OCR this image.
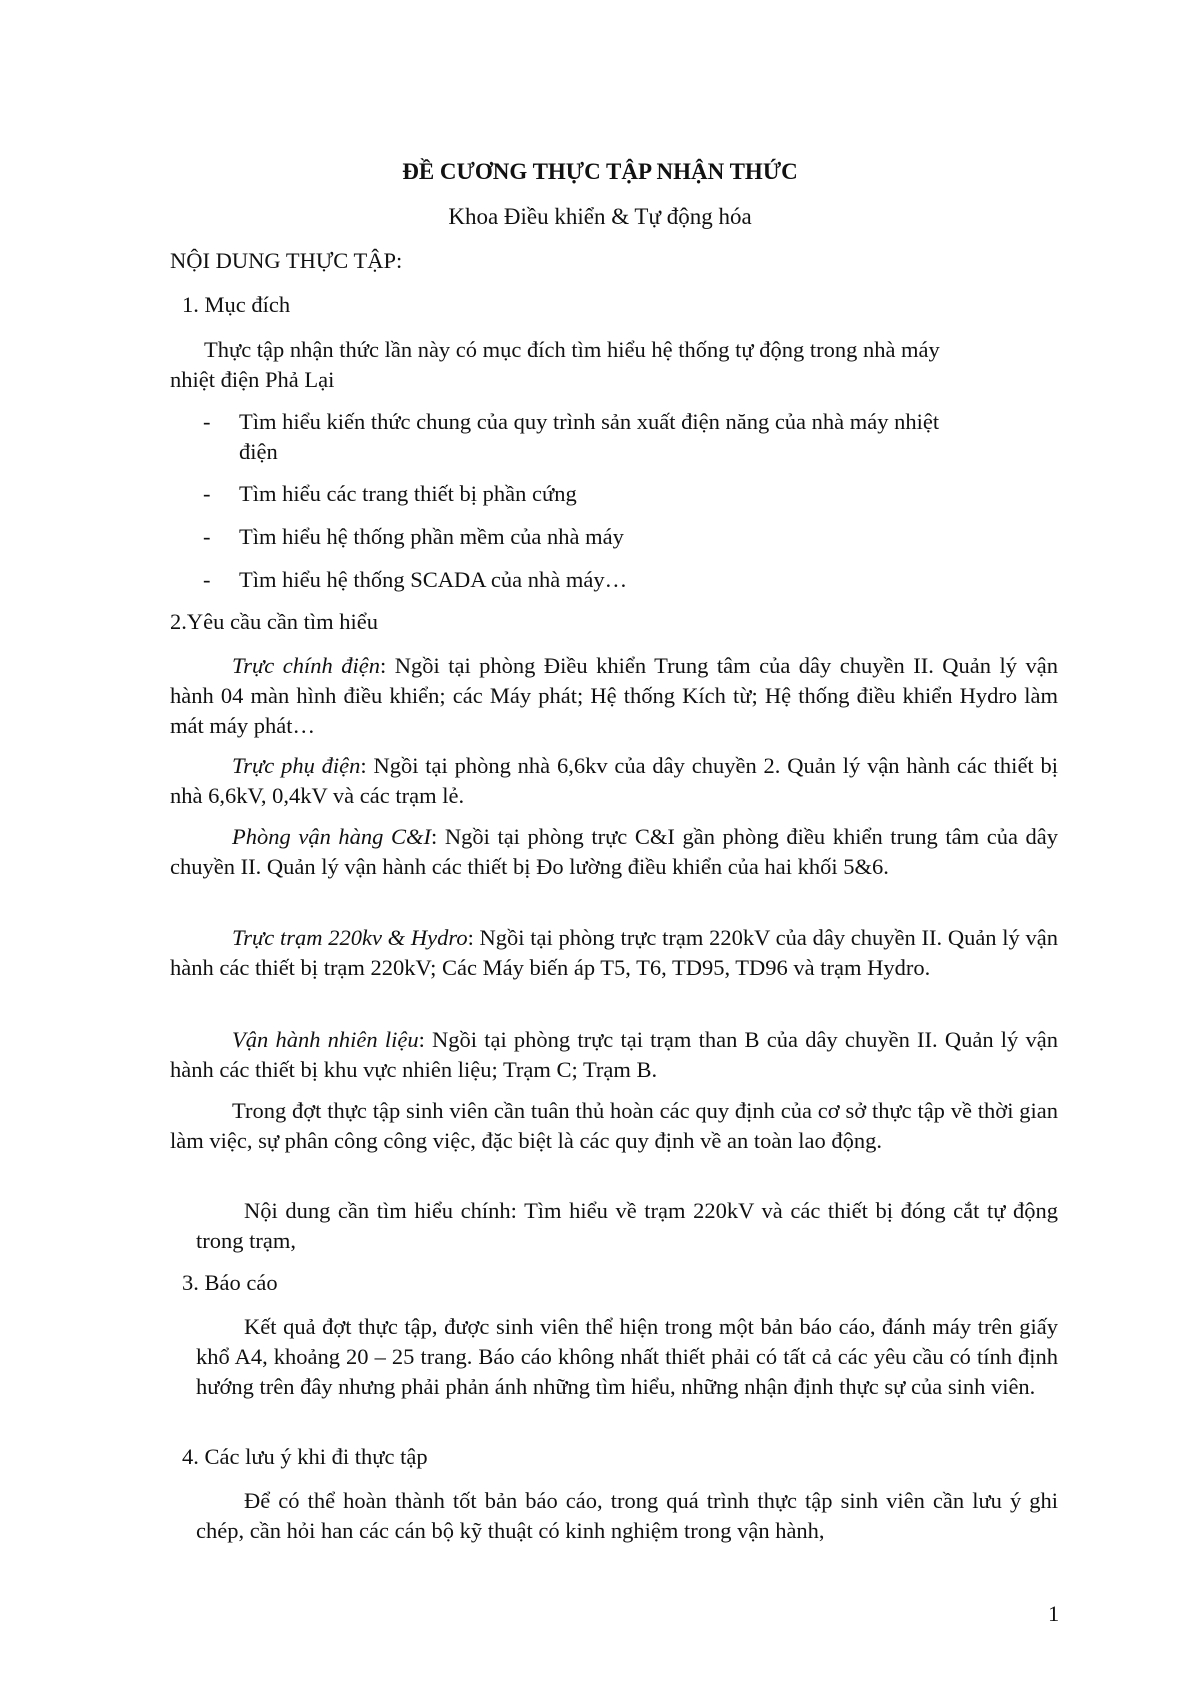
ĐỀ CƯƠNG THỰC TẬP NHẬN THỨC
Khoa Điều khiển & Tự động hóa
NỘI DUNG THỰC TẬP:
1. Mục đích
Thực tập nhận thức lần này có mục đích tìm hiểu hệ thống tự động trong nhà máy
nhiệt điện Phả Lại
- Tìm hiểu kiến thức chung của quy trình sản xuất điện năng của nhà máy nhiệt
điện
- Tìm hiểu các trang thiết bị phần cứng
- Tìm hiểu hệ thống phần mềm của nhà máy
- Tìm hiểu hệ thống SCADA của nhà máy…
2.Yêu cầu cần tìm hiểu
Trực chính điện: Ngồi tại phòng Điều khiển Trung tâm của dây chuyền II. Quản lý vận hành 04 màn hình điều khiển; các Máy phát; Hệ thống Kích từ; Hệ thống điều khiển Hydro làm mát máy phát…
Trực phụ điện: Ngồi tại phòng nhà 6,6kv của dây chuyền 2. Quản lý vận hành các thiết bị nhà 6,6kV, 0,4kV và các trạm lẻ.
Phòng vận hàng C&I: Ngồi tại phòng trực C&I gần phòng điều khiển trung tâm của dây chuyền II. Quản lý vận hành các thiết bị Đo lường điều khiển của hai khối 5&6.
Trực trạm 220kv & Hydro: Ngồi tại phòng trực trạm 220kV của dây chuyền II. Quản lý vận hành các thiết bị trạm 220kV; Các Máy biến áp T5, T6, TD95, TD96 và trạm Hydro.
Vận hành nhiên liệu: Ngồi tại phòng trực tại trạm than B của dây chuyền II. Quản lý vận hành các thiết bị khu vực nhiên liệu; Trạm C; Trạm B.
Trong đợt thực tập sinh viên cần tuân thủ hoàn các quy định của cơ sở thực tập về thời gian làm việc, sự phân công công việc, đặc biệt là các quy định về an toàn lao động.
Nội dung cần tìm hiểu chính: Tìm hiểu về trạm 220kV và các thiết bị đóng cắt tự động trong trạm,
3. Báo cáo
Kết quả đợt thực tập, được sinh viên thể hiện trong một bản báo cáo, đánh máy trên giấy khổ A4, khoảng 20 – 25 trang. Báo cáo không nhất thiết phải có tất cả các yêu cầu có tính định hướng trên đây nhưng phải phản ánh những tìm hiểu, những nhận định thực sự của sinh viên.
4. Các lưu ý khi đi thực tập
Để có thể hoàn thành tốt bản báo cáo, trong quá trình thực tập sinh viên cần lưu ý ghi chép, cần hỏi han các cán bộ kỹ thuật có kinh nghiệm trong vận hành,
1
